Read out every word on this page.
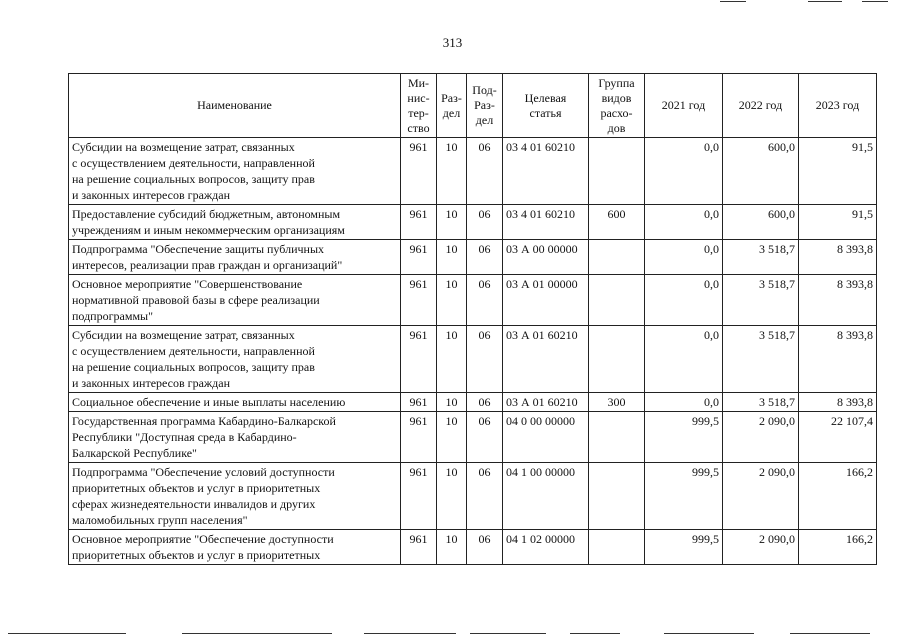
313
Наименование	Ми-
нис-
тер-
ство	Раз-
дел	Под-
Раз-
дел	Целевая
статья	Группа
видов
расхо-
дов	2021 год	2022 год	2023 год
Субсидии на возмещение затрат, связанных
с осуществлением деятельности, направленной
на решение социальных вопросов, защиту прав
и законных интересов граждан	961	10	06	03 4 01 60210		0,0	600,0	91,5
Предоставление субсидий бюджетным, автономным
учреждениям и иным некоммерческим организациям	961	10	06	03 4 01 60210	600	0,0	600,0	91,5
Подпрограмма "Обеспечение защиты публичных
интересов, реализации прав граждан и организаций"	961	10	06	03 А 00 00000		0,0	3 518,7	8 393,8
Основное мероприятие "Совершенствование
нормативной правовой базы в сфере реализации
подпрограммы"	961	10	06	03 А 01 00000		0,0	3 518,7	8 393,8
Субсидии на возмещение затрат, связанных
с осуществлением деятельности, направленной
на решение социальных вопросов, защиту прав
и законных интересов граждан	961	10	06	03 А 01 60210		0,0	3 518,7	8 393,8
Социальное обеспечение и иные выплаты населению	961	10	06	03 А 01 60210	300	0,0	3 518,7	8 393,8
Государственная программа Кабардино-Балкарской
Республики "Доступная среда в Кабардино-
Балкарской Республике"	961	10	06	04 0 00 00000		999,5	2 090,0	22 107,4
Подпрограмма "Обеспечение условий доступности
приоритетных объектов и услуг в приоритетных
сферах жизнедеятельности инвалидов и других
маломобильных групп населения"	961	10	06	04 1 00 00000		999,5	2 090,0	166,2
Основное мероприятие "Обеспечение доступности
приоритетных объектов и услуг в приоритетных	961	10	06	04 1 02 00000		999,5	2 090,0	166,2
